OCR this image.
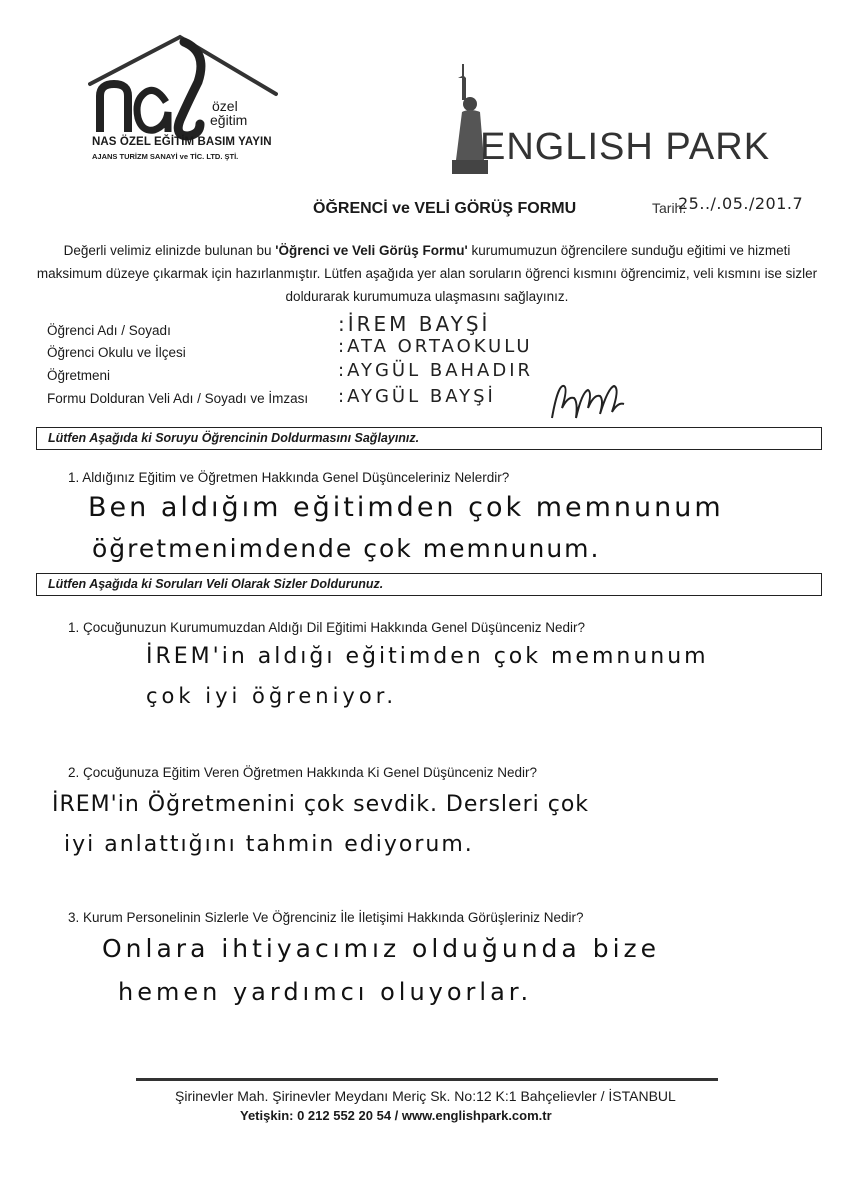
özel
eğitim
NAS ÖZEL EĞİTİM BASIM YAYIN
AJANS TURİZM SANAYİ ve TİC. LTD. ŞTİ.	ENGLISH PARK
ÖĞRENCİ ve VELİ GÖRÜŞ FORMU	Tarih:
25../.05./201.7
Değerli velimiz elinizde bulunan bu 'Öğrenci ve Veli Görüş Formu' kurumumuzun öğrencilere sunduğu eğitimi ve hizmeti maksimum düzeye çıkarmak için hazırlanmıştır. Lütfen aşağıda yer alan soruların öğrenci kısmını öğrencimiz, veli kısmını ise sizler doldurarak kurumumuza ulaşmasını sağlayınız.
Öğrenci Adı / Soyadı	:İREM BAYŞİ
Öğrenci Okulu ve İlçesi	:ATA ORTAOKULU
Öğretmeni	:AYGÜL BAHADIR
Formu Dolduran Veli Adı / Soyadı ve İmzası :AYGÜL BAYŞİ
Lütfen Aşağıda ki Soruyu Öğrencinin Doldurmasını Sağlayınız.
1. Aldığınız Eğitim ve Öğretmen Hakkında Genel Düşünceleriniz Nelerdir?
Ben aldığım eğitimden çok memnunum
öğretmenimdende çok memnunum.
Lütfen Aşağıda ki Soruları Veli Olarak Sizler Doldurunuz.
1. Çocuğunuzun Kurumumuzdan Aldığı Dil Eğitimi Hakkında Genel Düşünceniz Nedir?
İREM'in aldığı eğitimden çok memnunum
çok iyi öğreniyor.
2. Çocuğunuza Eğitim Veren Öğretmen Hakkında Ki Genel Düşünceniz Nedir?
İREM'in Öğretmenini çok sevdik. Dersleri çok
iyi anlattığını tahmin ediyorum.
3. Kurum Personelinin Sizlerle Ve Öğrenciniz İle İletişimi Hakkında Görüşleriniz Nedir?
Onlara ihtiyacımız olduğunda bize
hemen yardımcı oluyorlar.
Şirinevler Mah. Şirinevler Meydanı Meriç Sk. No:12 K:1 Bahçelievler / İSTANBUL
Yetişkin: 0 212 552 20 54 / www.englishpark.com.tr
